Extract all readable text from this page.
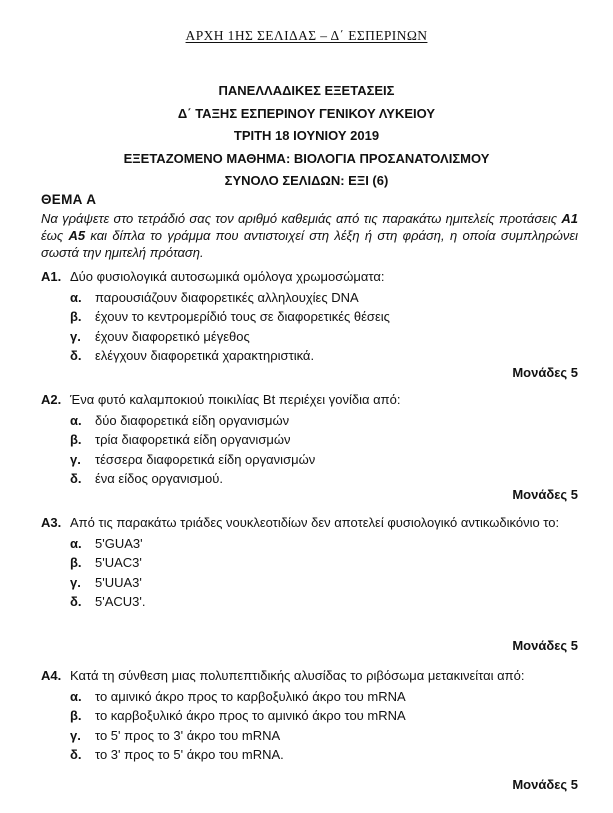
ΑΡΧΗ 1ΗΣ ΣΕΛΙΔΑΣ – Δ΄ ΕΣΠΕΡΙΝΩΝ
ΠΑΝΕΛΛΑΔΙΚΕΣ ΕΞΕΤΑΣΕΙΣ
Δ΄ ΤΑΞΗΣ ΕΣΠΕΡΙΝΟΥ ΓΕΝΙΚΟΥ ΛΥΚΕΙΟΥ
ΤΡΙΤΗ 18 ΙΟΥΝΙΟΥ 2019
ΕΞΕΤΑΖΟΜΕΝΟ ΜΑΘΗΜΑ: ΒΙΟΛΟΓΙΑ ΠΡΟΣΑΝΑΤΟΛΙΣΜΟΥ
ΣΥΝΟΛΟ ΣΕΛΙΔΩΝ: ΕΞΙ (6)
ΘΕΜΑ Α
Να γράψετε στο τετράδιό σας τον αριθμό καθεμιάς από τις παρακάτω ημιτελείς προτάσεις Α1 έως Α5 και δίπλα το γράμμα που αντιστοιχεί στη λέξη ή στη φράση, η οποία συμπληρώνει σωστά την ημιτελή πρόταση.
Α1. Δύο φυσιολογικά αυτοσωμικά ομόλογα χρωμοσώματα:
α. παρουσιάζουν διαφορετικές αλληλουχίες DNA
β. έχουν το κεντρομερίδιό τους σε διαφορετικές θέσεις
γ. έχουν διαφορετικό μέγεθος
δ. ελέγχουν διαφορετικά χαρακτηριστικά.
Μονάδες 5
Α2. Ένα φυτό καλαμποκιού ποικιλίας Bt περιέχει γονίδια από:
α. δύο διαφορετικά είδη οργανισμών
β. τρία διαφορετικά είδη οργανισμών
γ. τέσσερα διαφορετικά είδη οργανισμών
δ. ένα είδος οργανισμού.
Μονάδες 5
Α3. Από τις παρακάτω τριάδες νουκλεοτιδίων δεν αποτελεί φυσιολογικό αντικωδικόνιο το:
α. 5'GUA3'
β. 5'UAC3'
γ. 5'UUA3'
δ. 5'ACU3'.
Μονάδες 5
Α4. Κατά τη σύνθεση μιας πολυπεπτιδικής αλυσίδας το ριβόσωμα μετακινείται από:
α. το αμινικό άκρο προς το καρβοξυλικό άκρο του mRNA
β. το καρβοξυλικό άκρο προς το αμινικό άκρο του mRNA
γ. το 5' προς το 3' άκρο του mRNA
δ. το 3' προς το 5' άκρο του mRNA.
Μονάδες 5
